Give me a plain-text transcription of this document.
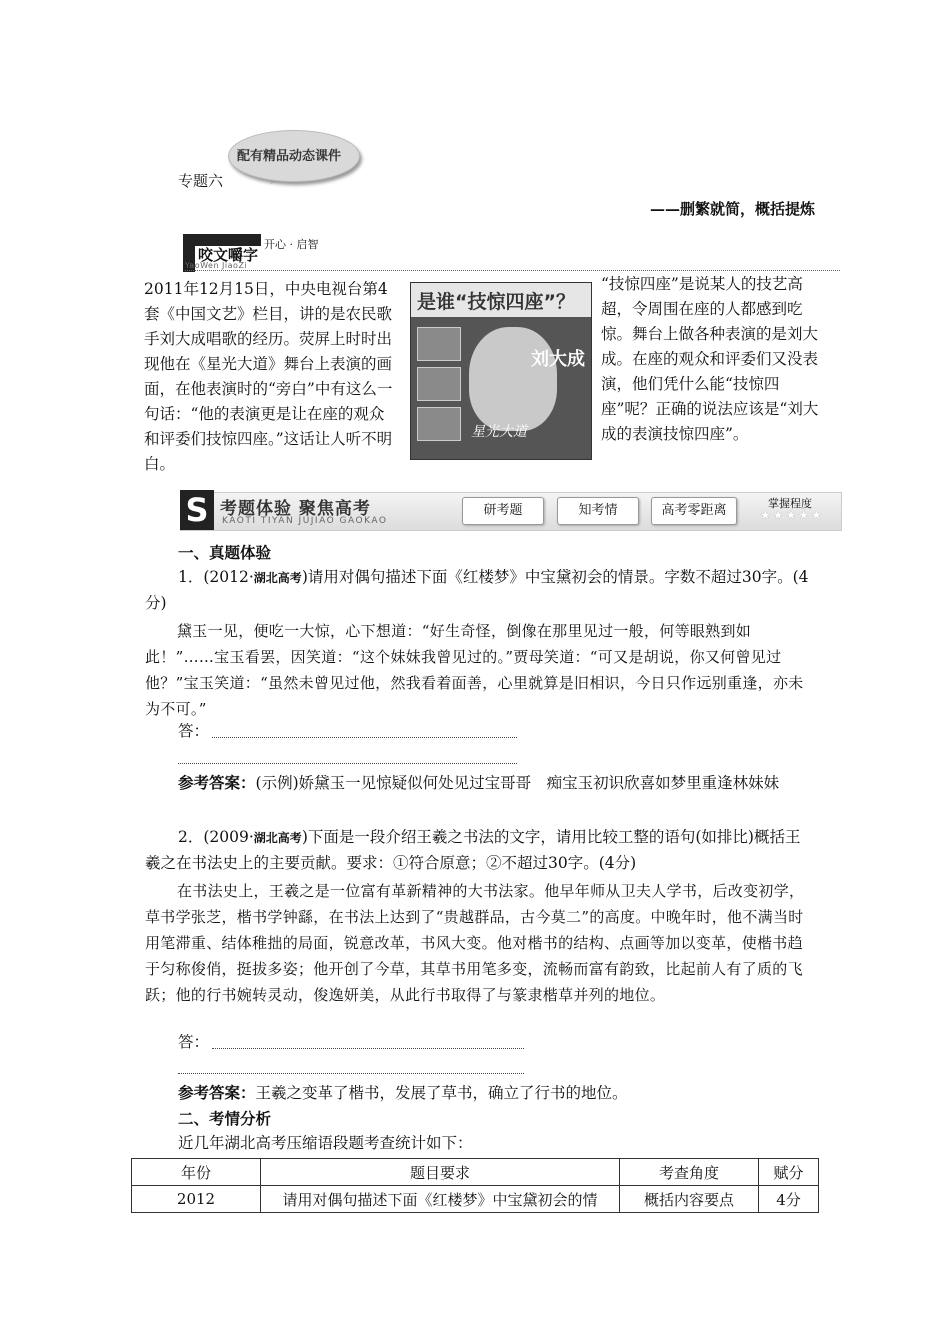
配有精品动态课件
专题六
——删繁就简，概括提炼
咬文嚼字
开心 · 启智
YaoWen JiaoZi
2011年12月15日，中央电视台第4套《中国文艺》栏目，讲的是农民歌手刘大成唱歌的经历。荧屏上时时出现他在《星光大道》舞台上表演的画面，在他表演时的“旁白”中有这么一句话：“他的表演更是让在座的观众和评委们技惊四座。”这话让人听不明白。
是谁“技惊四座”？
刘大成
星光大道
“技惊四座”是说某人的技艺高超，令周围在座的人都感到吃惊。舞台上做各种表演的是刘大成。在座的观众和评委们又没表演，他们凭什么能“技惊四座”呢？正确的说法应该是“刘大成的表演技惊四座”。
S 考题体验 聚焦高考
KAOTI TIYAN JUJIAO GAOKAO
研考题	知考情	高考零距离	掌握程度
★★★★★
一、真题体验
1．(2012·湖北高考)请用对偶句描述下面《红楼梦》中宝黛初会的情景。字数不超过30字。(4分)
黛玉一见，便吃一大惊，心下想道：“好生奇怪，倒像在那里见过一般，何等眼熟到如此！”……宝玉看罢，因笑道：“这个妹妹我曾见过的。”贾母笑道：“可又是胡说，你又何曾见过他？”宝玉笑道：“虽然未曾见过他，然我看着面善，心里就算是旧相识，今日只作远别重逢，亦未为不可。”
答：
参考答案：(示例)娇黛玉一见惊疑似何处见过宝哥哥　痴宝玉初识欣喜如梦里重逢林妹妹
2．(2009·湖北高考)下面是一段介绍王羲之书法的文字，请用比较工整的语句(如排比)概括王羲之在书法史上的主要贡献。要求：①符合原意；②不超过30字。(4分)
在书法史上，王羲之是一位富有革新精神的大书法家。他早年师从卫夫人学书，后改变初学，草书学张芝，楷书学钟繇，在书法上达到了“贵越群品，古今莫二”的高度。中晚年时，他不满当时用笔滞重、结体稚拙的局面，锐意改革，书风大变。他对楷书的结构、点画等加以变革，使楷书趋于匀称俊俏，挺拔多姿；他开创了今草，其草书用笔多变，流畅而富有韵致，比起前人有了质的飞跃；他的行书婉转灵动，俊逸妍美，从此行书取得了与篆隶楷草并列的地位。
答：
参考答案：王羲之变革了楷书，发展了草书，确立了行书的地位。
二、考情分析
近几年湖北高考压缩语段题考查统计如下：
年份	题目要求	考查角度	赋分
2012	请用对偶句描述下面《红楼梦》中宝黛初会的情	概括内容要点	4分
